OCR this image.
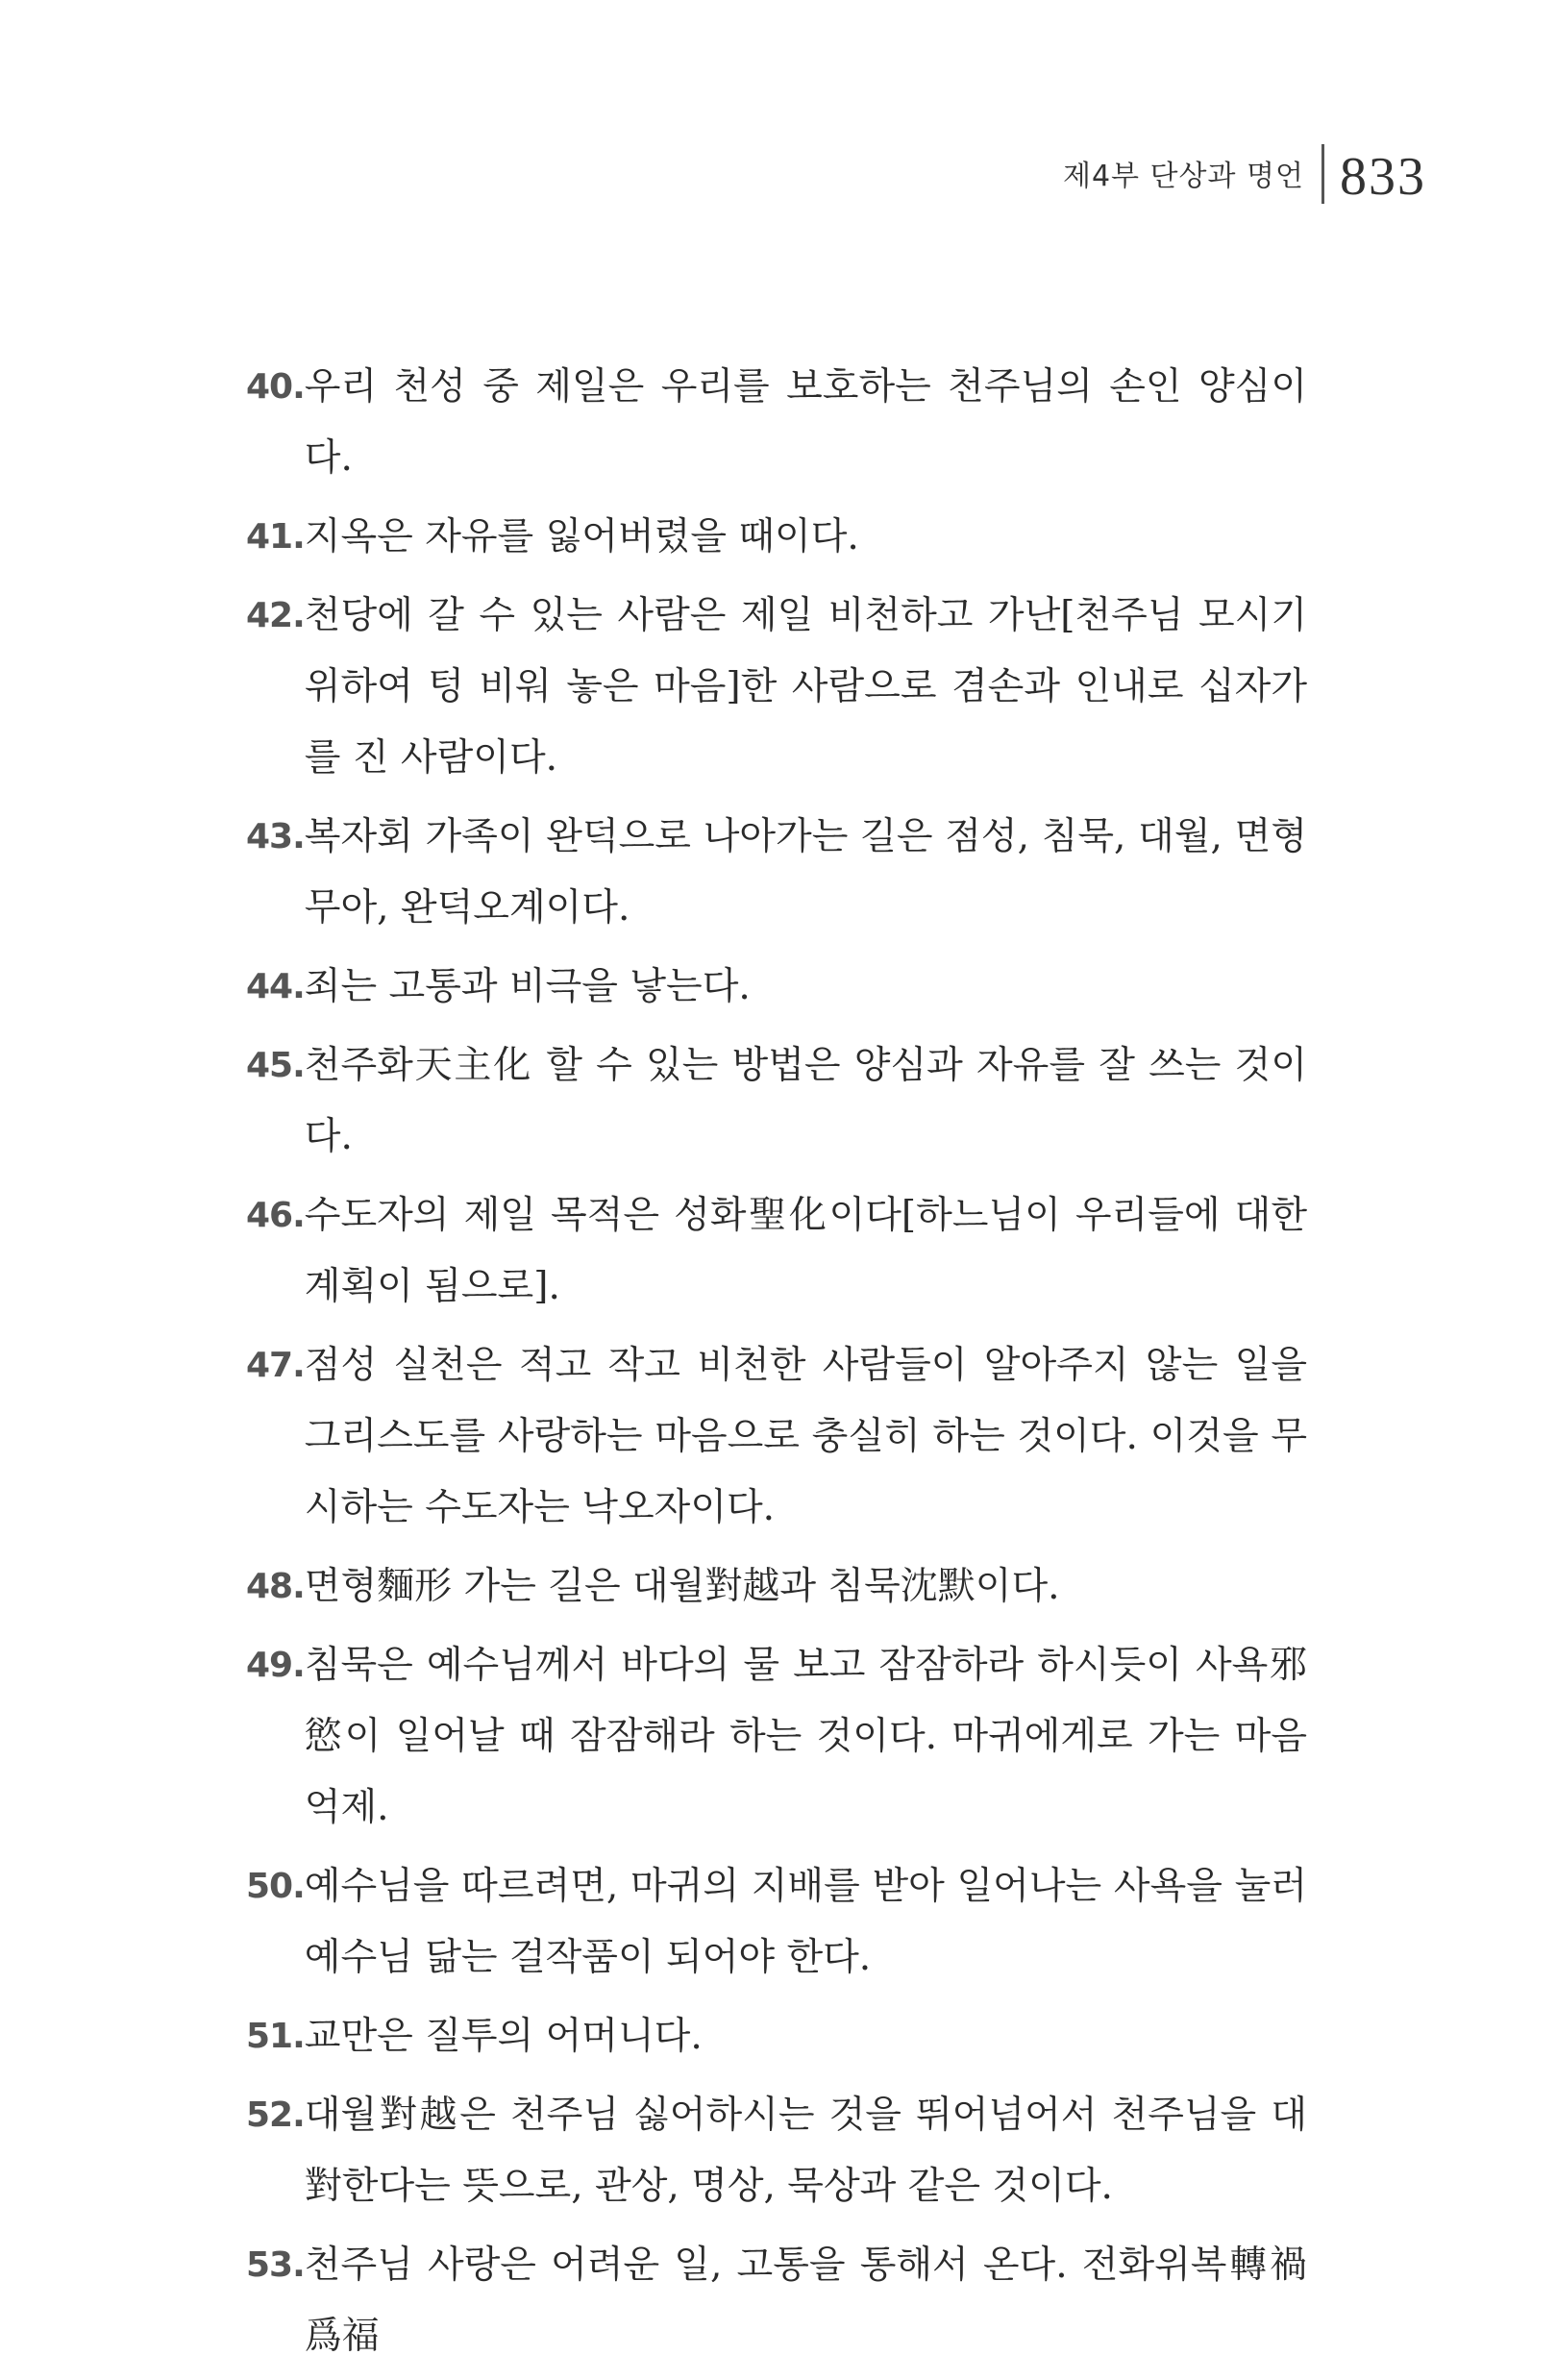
제4부 단상과 명언 833
40. 우리 천성 중 제일은 우리를 보호하는 천주님의 손인 양심이다.
41. 지옥은 자유를 잃어버렸을 때이다.
42. 천당에 갈 수 있는 사람은 제일 비천하고 가난[천주님 모시기 위하여 텅 비워 놓은 마음]한 사람으로 겸손과 인내로 십자가를 진 사람이다.
43. 복자회 가족이 완덕으로 나아가는 길은 점성, 침묵, 대월, 면형무아, 완덕오계이다.
44. 죄는 고통과 비극을 낳는다.
45. 천주화天主化 할 수 있는 방법은 양심과 자유를 잘 쓰는 것이다.
46. 수도자의 제일 목적은 성화聖化이다[하느님이 우리들에 대한 계획이 됨으로].
47. 점성 실천은 적고 작고 비천한 사람들이 알아주지 않는 일을 그리스도를 사랑하는 마음으로 충실히 하는 것이다. 이것을 무시하는 수도자는 낙오자이다.
48. 면형麵形 가는 길은 대월對越과 침묵沈默이다.
49. 침묵은 예수님께서 바다의 물 보고 잠잠하라 하시듯이 사욕邪慾이 일어날 때 잠잠해라 하는 것이다. 마귀에게로 가는 마음 억제.
50. 예수님을 따르려면, 마귀의 지배를 받아 일어나는 사욕을 눌러 예수님 닮는 걸작품이 되어야 한다.
51. 교만은 질투의 어머니다.
52. 대월對越은 천주님 싫어하시는 것을 뛰어넘어서 천주님을 대對한다는 뜻으로, 관상, 명상, 묵상과 같은 것이다.
53. 천주님 사랑은 어려운 일, 고통을 통해서 온다. 전화위복轉禍爲福
